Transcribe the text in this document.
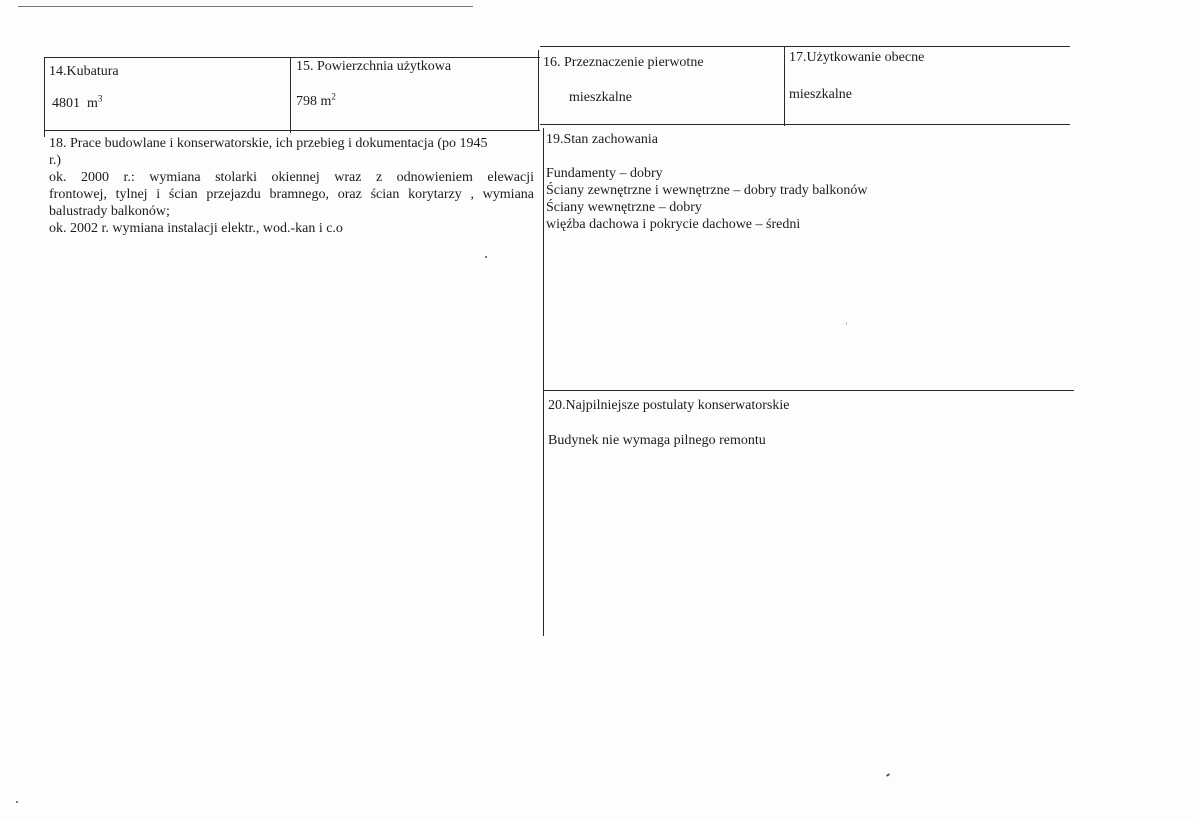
14.Kubatura
4801 $m^3$
15. Powierzchnia użytkowa
798 $m^2$
16. Przeznaczenie pierwotne
mieszkalne
17.Użytkowanie obecne
mieszkalne
18. Prace budowlane i konserwatorskie, ich przebieg i dokumentacja (po 1945
r.)
ok. 2000 r.: wymiana stolarki okiennej wraz z odnowieniem elewacji
frontowej, tylnej i ścian przejazdu bramnego, oraz ścian korytarzy , wymiana
balustrady balkonów;
ok. 2002 r. wymiana instalacji elektr., wod.-kan i c.o
19.Stan zachowania
Fundamenty – dobry
Ściany zewnętrzne i wewnętrzne – dobry trady balkonów
Ściany wewnętrzne – dobry
więźba dachowa i pokrycie dachowe – średni
20.Najpilniejsze postulaty konserwatorskie
Budynek nie wymaga pilnego remontu
